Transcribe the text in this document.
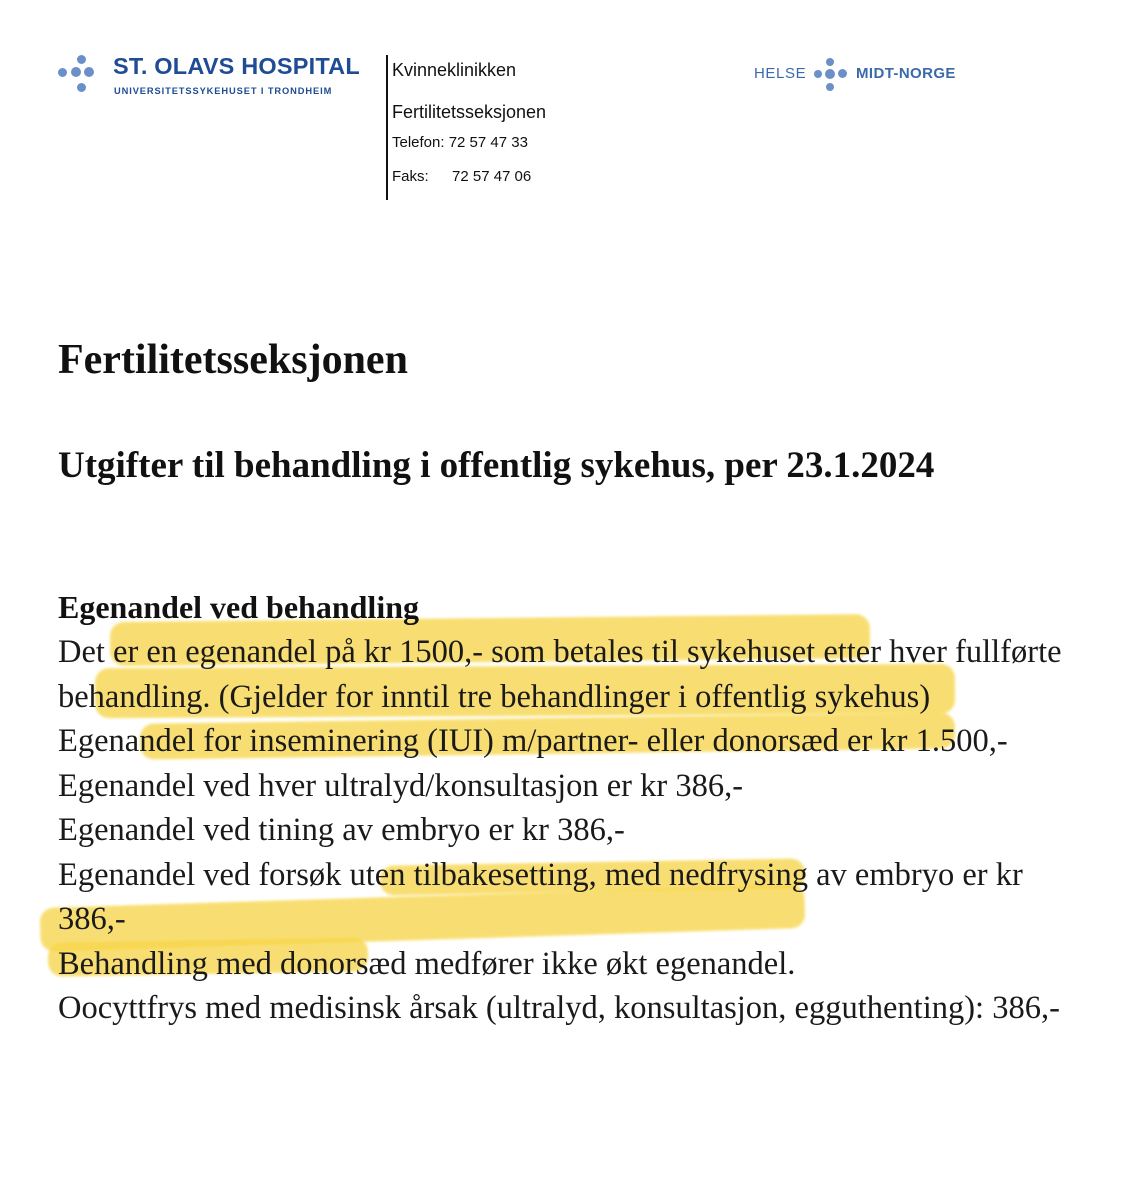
ST. OLAVS HOSPITAL
UNIVERSITETSSYKEHUSET I TRONDHEIM
Kvinneklinikken
Fertilitetsseksjonen
Telefon: 72 57 47 33
Faks: 72 57 47 06
HELSE	MIDT-NORGE
Fertilitetsseksjonen
Utgifter til behandling i offentlig sykehus, per 23.1.2024
Egenandel ved behandling

Det er en egenandel på kr 1500,- som betales til sykehuset etter hver fullførte behandling. (Gjelder for inntil tre behandlinger i offentlig sykehus)

Egenandel for inseminering (IUI) m/partner- eller donorsæd er kr 1.500,-

Egenandel ved hver ultralyd/konsultasjon er kr 386,-

Egenandel ved tining av embryo er kr 386,-

Egenandel ved forsøk uten tilbakesetting, med nedfrysing av embryo er kr 386,-

Behandling med donorsæd medfører ikke økt egenandel.

Oocyttfrys med medisinsk årsak (ultralyd, konsultasjon, egguthenting): 386,-
